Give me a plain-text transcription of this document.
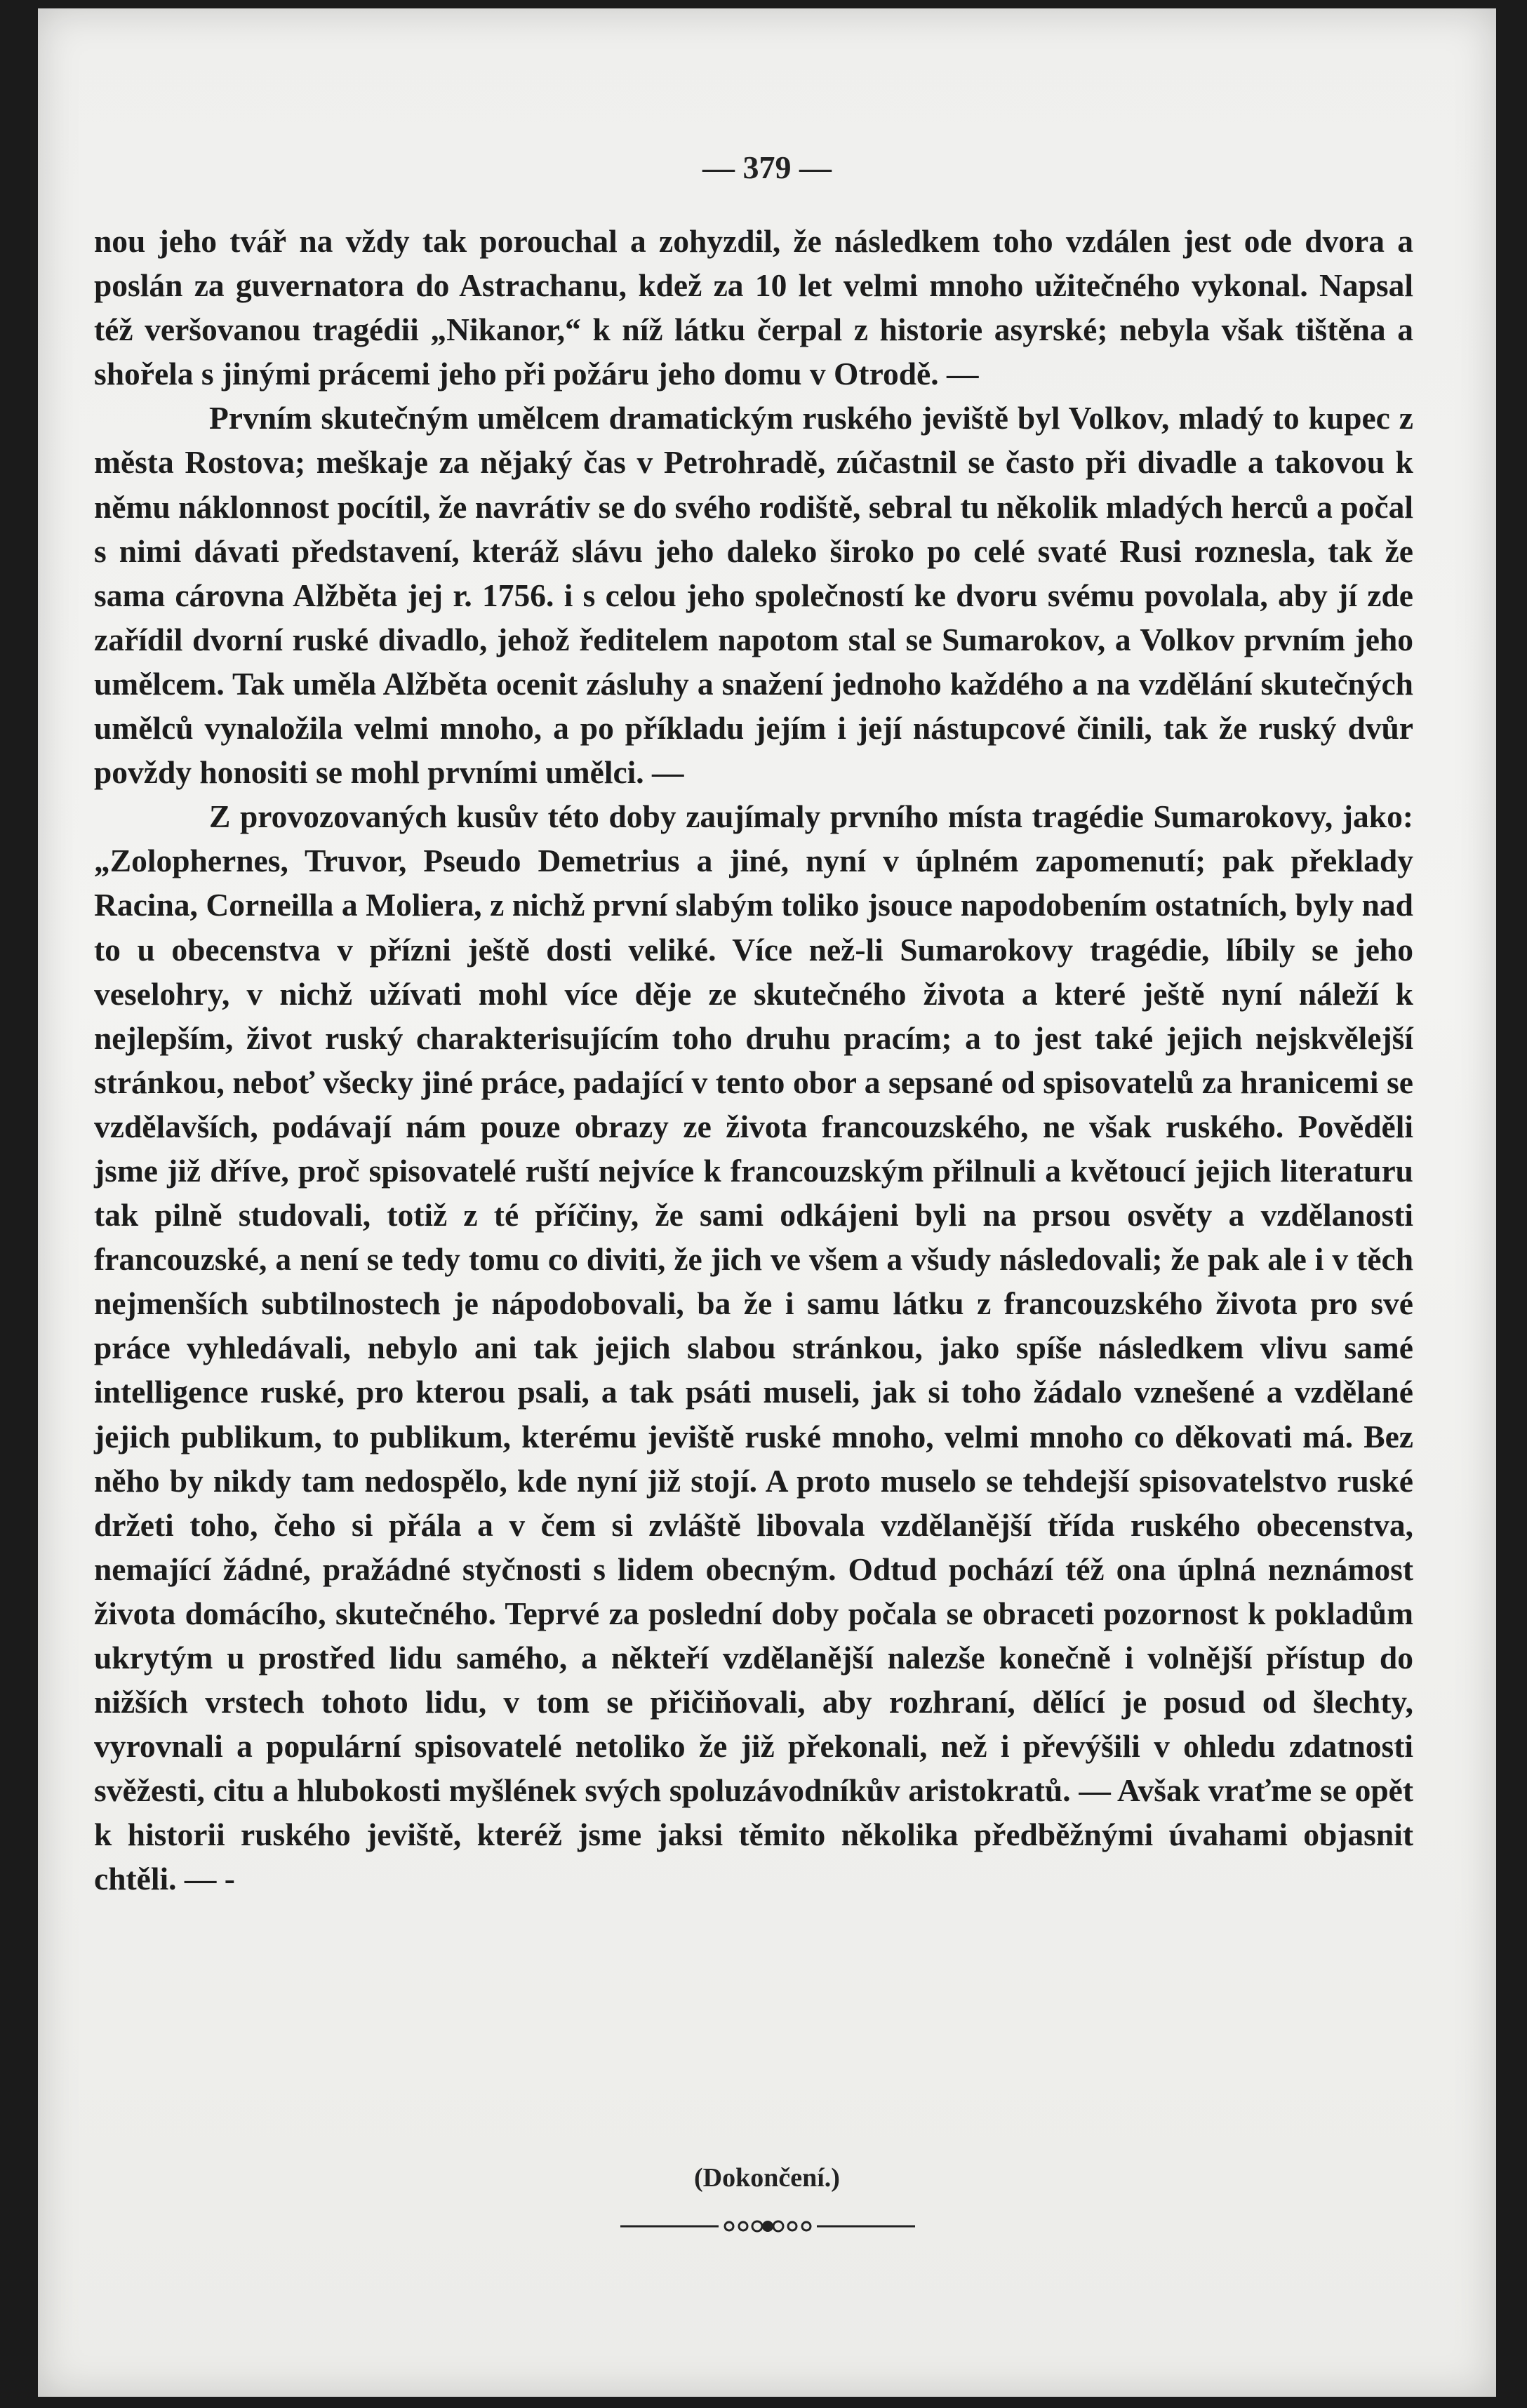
— 379 —

nou jeho tvář na vždy tak porouchal a zohyzdil, že následkem toho vzdálen jest ode dvora a poslán za guvernatora do Astrachanu, kdež za 10 let velmi mnoho užitečného vykonal. Napsal též veršovanou tragédii „Nikanor,“ k níž látku čerpal z historie asyrské; nebyla však tištěna a shořela s jinými prácemi jeho při požáru jeho domu v Otrodě. —

Prvním skutečným umělcem dramatickým ruského jeviště byl Volkov, mladý to kupec z města Rostova; meškaje za nějaký čas v Petrohradě, zúčastnil se často při divadle a takovou k němu náklonnost pocítil, že navrátiv se do svého rodiště, sebral tu několik mladých herců a počal s nimi dávati představení, kteráž slávu jeho daleko široko po celé svaté Rusi roznesla, tak že sama cárovna Alžběta jej r. 1756. i s celou jeho společností ke dvoru svému povolala, aby jí zde zařídil dvorní ruské divadlo, jehož ředitelem napotom stal se Sumarokov, a Volkov prvním jeho umělcem. Tak uměla Alžběta ocenit zásluhy a snažení jednoho každého a na vzdělání skutečných umělců vynaložila velmi mnoho, a po příkladu jejím i její nástupcové činili, tak že ruský dvůr povždy honositi se mohl prvními umělci. —

Z provozovaných kusův této doby zaujímaly prvního místa tragédie Sumarokovy, jako: „Zolophernes, Truvor, Pseudo Demetrius a jiné, nyní v úplném zapomenutí; pak překlady Racina, Corneilla a Moliera, z nichž první slabým toliko jsouce napodobením ostatních, byly nad to u obecenstva v přízni ještě dosti veliké. Více než-li Sumarokovy tragédie, líbily se jeho veselohry, v nichž užívati mohl více děje ze skutečného života a které ještě nyní náleží k nejlepším, život ruský charakterisujícím toho druhu pracím; a to jest také jejich nejskvělejší stránkou, neboť všecky jiné práce, padající v tento obor a sepsané od spisovatelů za hranicemi se vzdělavších, podávají nám pouze obrazy ze života francouzského, ne však ruského. Pověděli jsme již dříve, proč spisovatelé ruští nejvíce k francouzským přilnuli a květoucí jejich literaturu tak pilně studovali, totiž z té příčiny, že sami odkájeni byli na prsou osvěty a vzdělanosti francouzské, a není se tedy tomu co diviti, že jich ve všem a všudy následovali; že pak ale i v těch nejmenších subtilnostech je nápodobovali, ba že i samu látku z francouzského života pro své práce vyhledávali, nebylo ani tak jejich slabou stránkou, jako spíše následkem vlivu samé intelligence ruské, pro kterou psali, a tak psáti museli, jak si toho žádalo vznešené a vzdělané jejich publikum, to publikum, kterému jeviště ruské mnoho, velmi mnoho co děkovati má. Bez něho by nikdy tam nedospělo, kde nyní již stojí. A proto muselo se tehdejší spisovatelstvo ruské držeti toho, čeho si přála a v čem si zvláště libovala vzdělanější třída ruského obecenstva, nemající žádné, pražádné styčnosti s lidem obecným. Odtud pochází též ona úplná neznámost života domácího, skutečného. Teprvé za poslední doby počala se obraceti pozornost k pokladům ukrytým u prostřed lidu samého, a někteří vzdělanější nalezše konečně i volnější přístup do nižších vrstech tohoto lidu, v tom se přičiňovali, aby rozhraní, dělící je posud od šlechty, vyrovnali a populární spisovatelé netoliko že již překonali, než i převýšili v ohledu zdatnosti svěžesti, citu a hlubokosti myšlének svých spoluzávodníkův aristokratů. — Avšak vraťme se opět k historii ruského jeviště, kteréž jsme jaksi těmito několika předběžnými úvahami objasnit chtěli. — -

(Dokončení.)
